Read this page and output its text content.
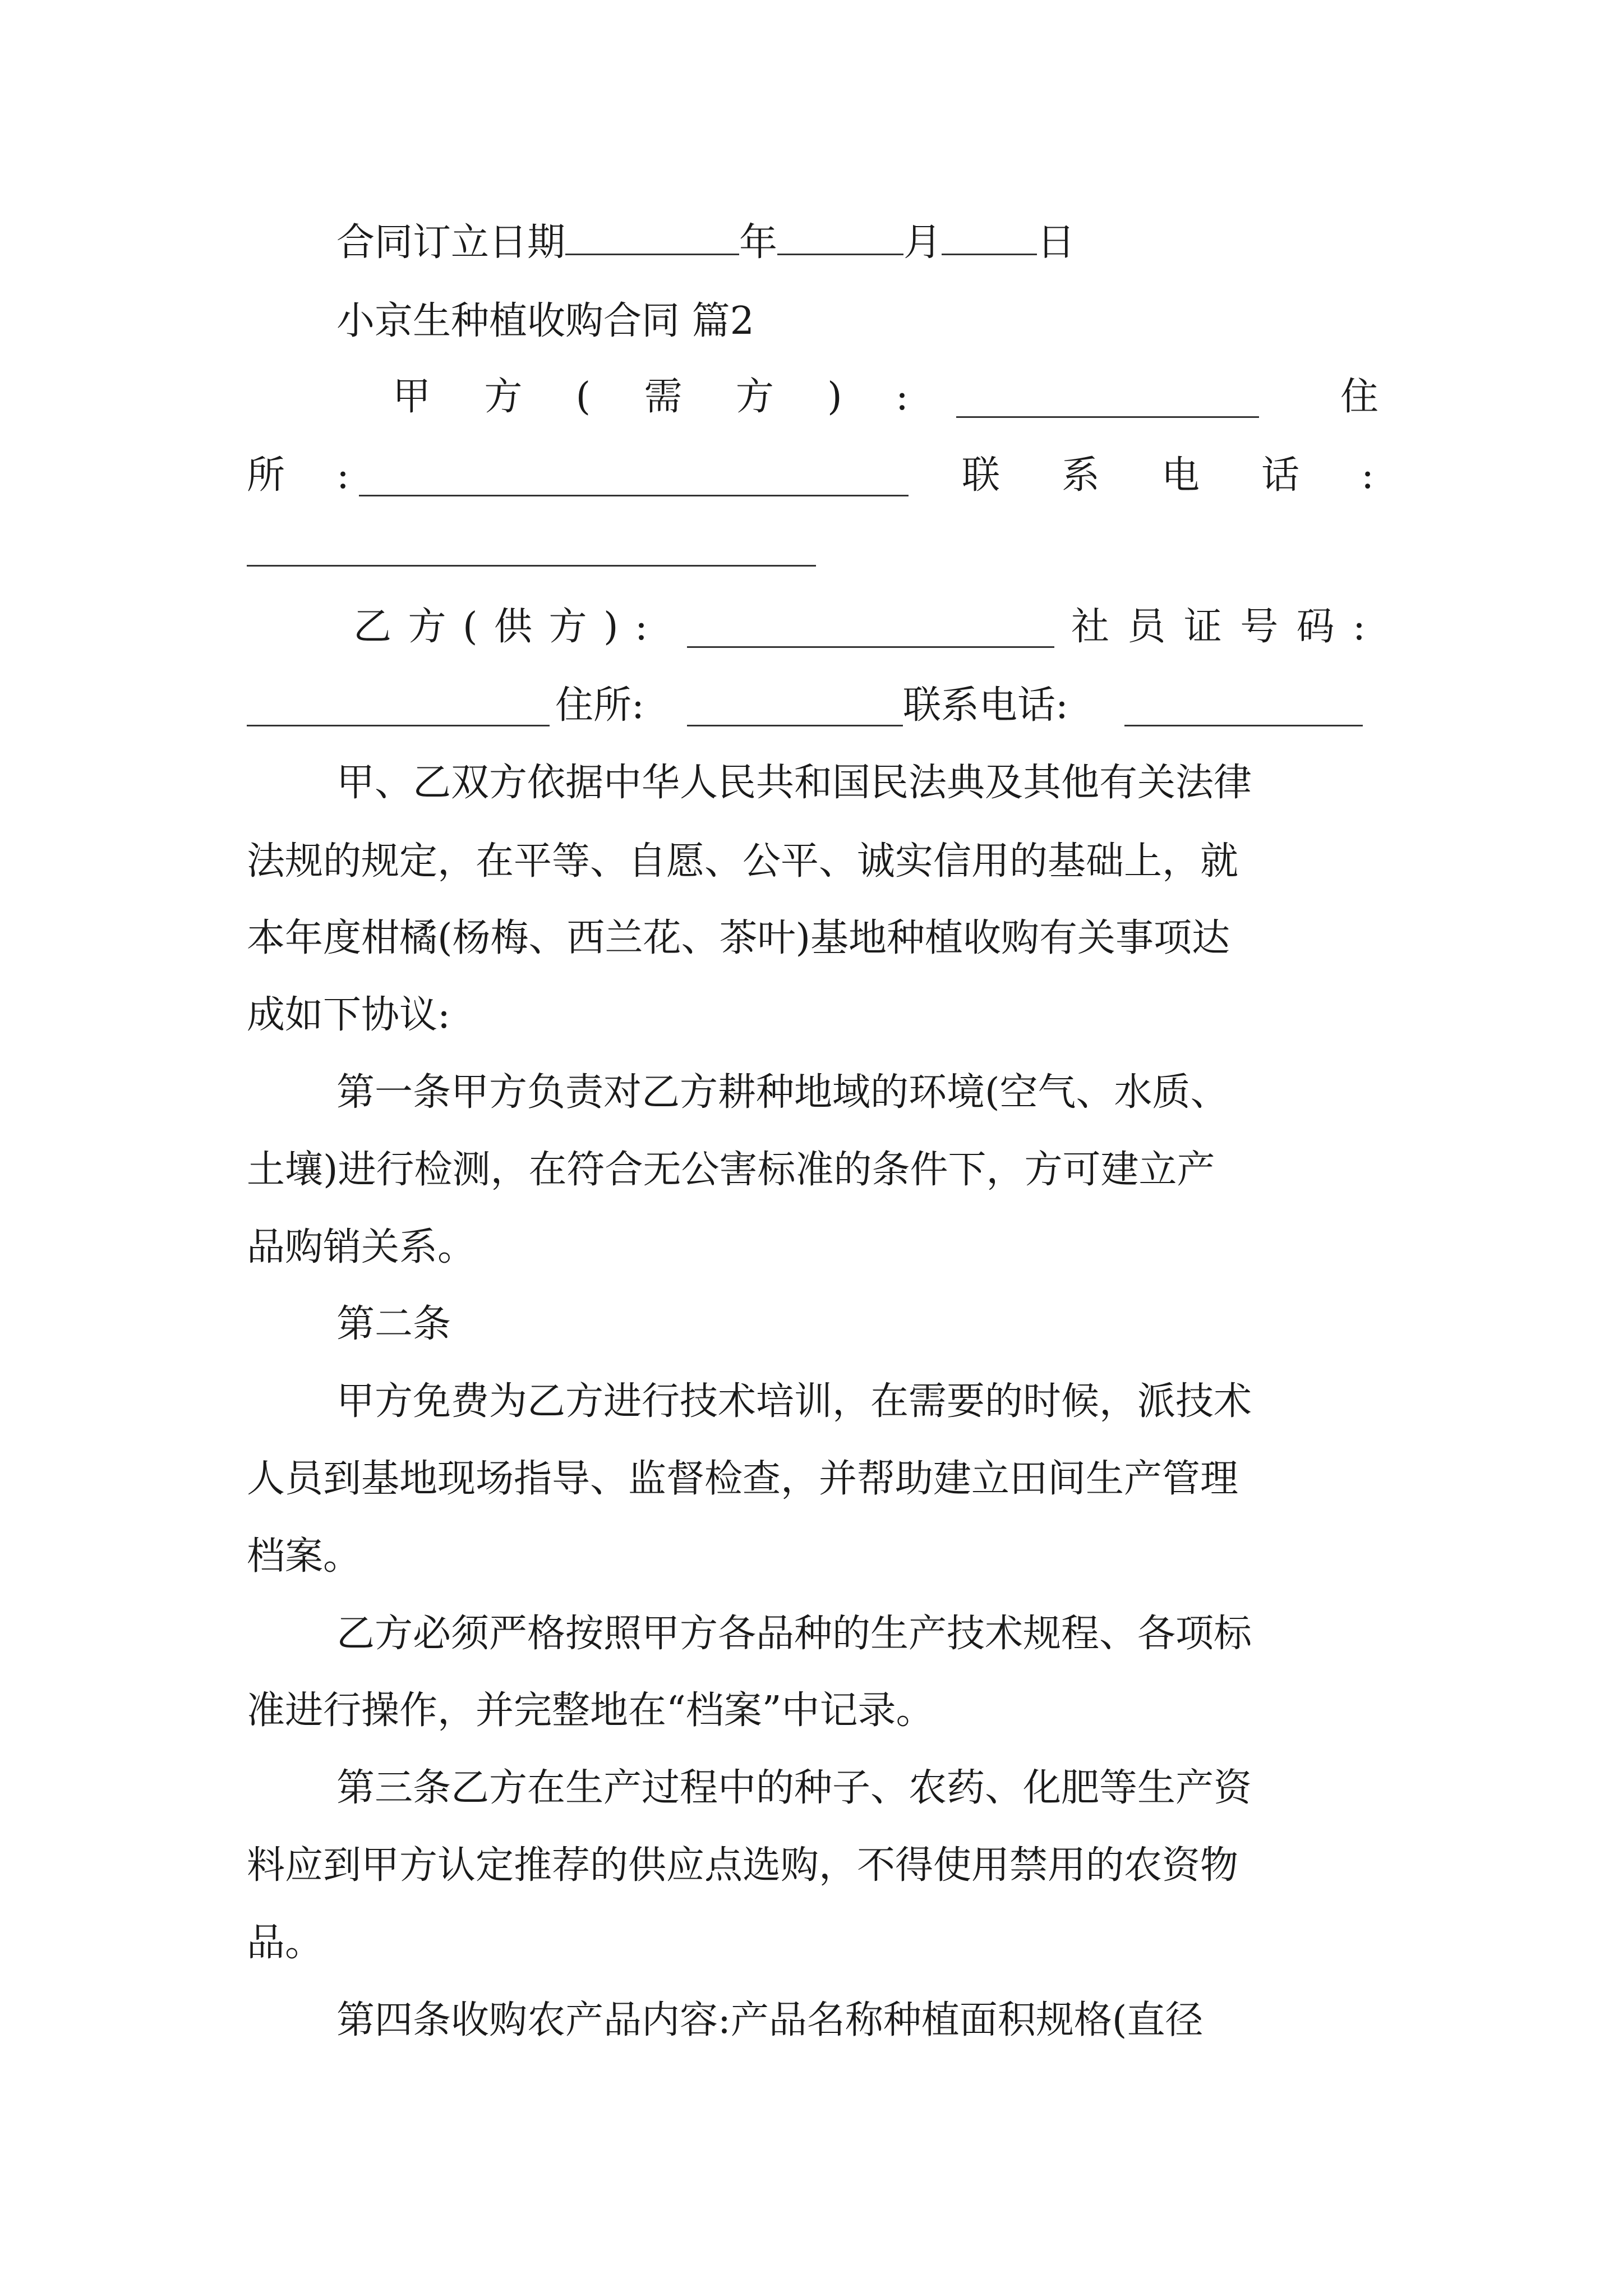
合同订立日期	年	月	日
小京生种植收购合同 篇2
甲 方 ( 需 方 ) :	住
所 :	联 系 电 话 :
乙 方 ( 供 方 ) :	社 员 证 号 码 :
住所:	联系电话:
甲、乙双方依据中华人民共和国民法典及其他有关法律
法规的规定，在平等、自愿、公平、诚实信用的基础上，就
本年度柑橘(杨梅、西兰花、茶叶)基地种植收购有关事项达
成如下协议:
第一条甲方负责对乙方耕种地域的环境(空气、水质、
土壤)进行检测，在符合无公害标准的条件下，方可建立产
品购销关系。
第二条
甲方免费为乙方进行技术培训，在需要的时候，派技术
人员到基地现场指导、监督检查，并帮助建立田间生产管理
档案。
乙方必须严格按照甲方各品种的生产技术规程、各项标
准进行操作，并完整地在“档案”中记录。
第三条乙方在生产过程中的种子、农药、化肥等生产资
料应到甲方认定推荐的供应点选购，不得使用禁用的农资物
品。
第四条收购农产品内容:产品名称种植面积规格(直径
